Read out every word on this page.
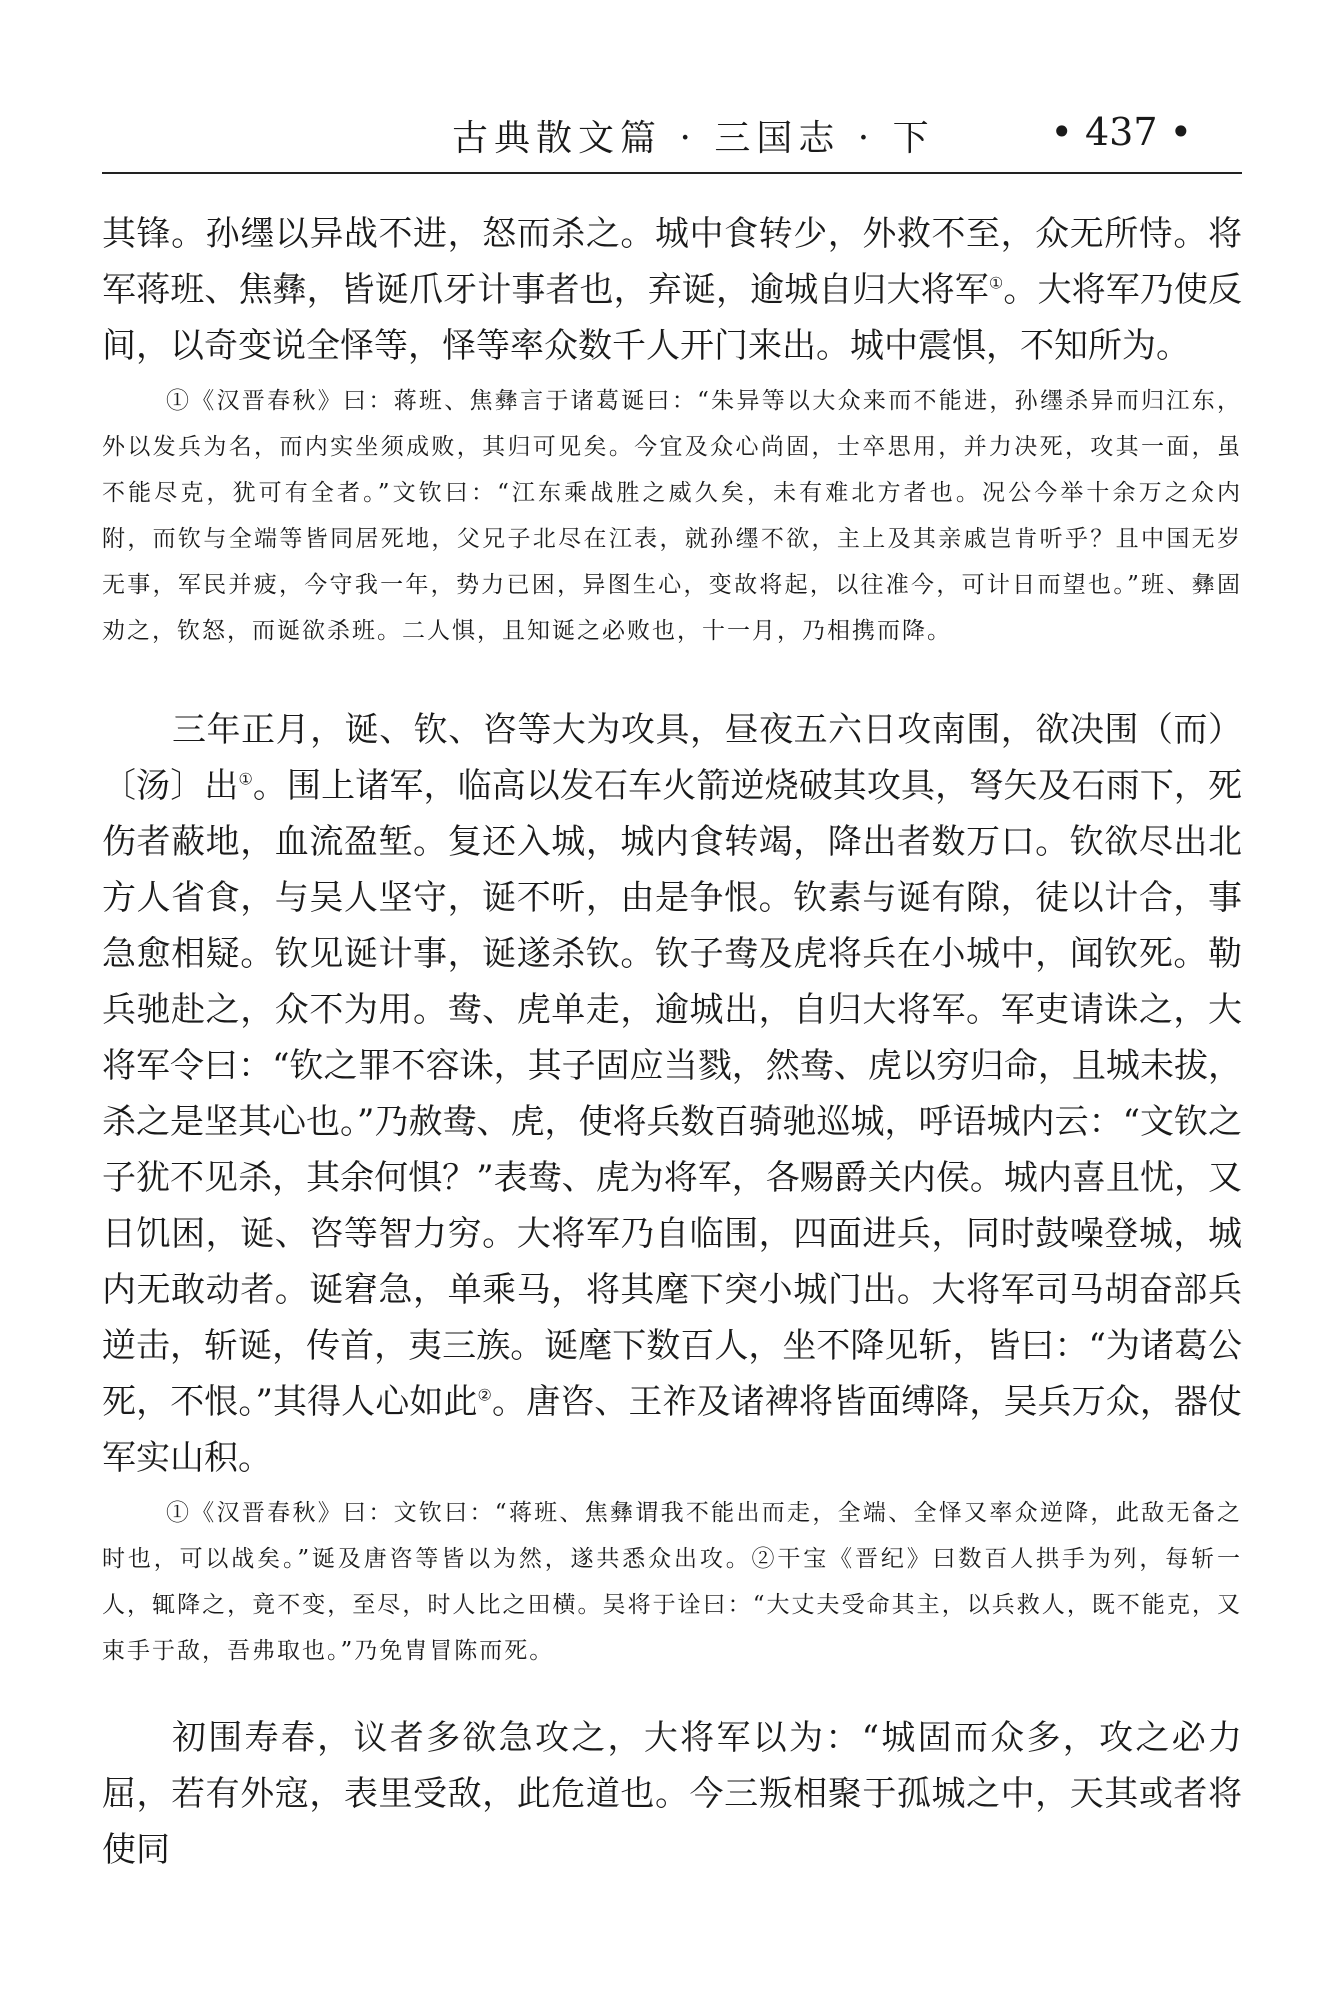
古典散文篇 · 三国志 · 下	• 437 •

其锋。孙𬙊以异战不进，怒而杀之。城中食转少，外救不至，众无所恃。将军蒋班、焦彝，皆诞爪牙计事者也，弃诞，逾城自归大将军①。大将军乃使反间，以奇变说全怿等，怿等率众数千人开门来出。城中震惧，不知所为。

①《汉晋春秋》曰：蒋班、焦彝言于诸葛诞曰：“朱异等以大众来而不能进，孙𬙊杀异而归江东，外以发兵为名，而内实坐须成败，其归可见矣。今宜及众心尚固，士卒思用，并力决死，攻其一面，虽不能尽克，犹可有全者。”文钦曰：“江东乘战胜之威久矣，未有难北方者也。况公今举十余万之众内附，而钦与全端等皆同居死地，父兄子北尽在江表，就孙𬙊不欲，主上及其亲戚岂肯听乎？且中国无岁无事，军民并疲，今守我一年，势力已困，异图生心，变故将起，以往准今，可计日而望也。”班、彝固劝之，钦怒，而诞欲杀班。二人惧，且知诞之必败也，十一月，乃相携而降。

三年正月，诞、钦、咨等大为攻具，昼夜五六日攻南围，欲决围（而）〔汤〕出①。围上诸军，临高以发石车火箭逆烧破其攻具，弩矢及石雨下，死伤者蔽地，血流盈堑。复还入城，城内食转竭，降出者数万口。钦欲尽出北方人省食，与吴人坚守，诞不听，由是争恨。钦素与诞有隙，徒以计合，事急愈相疑。钦见诞计事，诞遂杀钦。钦子鸯及虎将兵在小城中，闻钦死。勒兵驰赴之，众不为用。鸯、虎单走，逾城出，自归大将军。军吏请诛之，大将军令曰：“钦之罪不容诛，其子固应当戮，然鸯、虎以穷归命，且城未拔，杀之是坚其心也。”乃赦鸯、虎，使将兵数百骑驰巡城，呼语城内云：“文钦之子犹不见杀，其余何惧？”表鸯、虎为将军，各赐爵关内侯。城内喜且忧，又日饥困，诞、咨等智力穷。大将军乃自临围，四面进兵，同时鼓噪登城，城内无敢动者。诞窘急，单乘马，将其麾下突小城门出。大将军司马胡奋部兵逆击，斩诞，传首，夷三族。诞麾下数百人，坐不降见斩，皆曰：“为诸葛公死，不恨。”其得人心如此②。唐咨、王祚及诸裨将皆面缚降，吴兵万众，器仗军实山积。

①《汉晋春秋》曰：文钦曰：“蒋班、焦彝谓我不能出而走，全端、全怿又率众逆降，此敌无备之时也，可以战矣。”诞及唐咨等皆以为然，遂共悉众出攻。②干宝《晋纪》曰数百人拱手为列，每斩一人，辄降之，竟不变，至尽，时人比之田横。吴将于诠曰：“大丈夫受命其主，以兵救人，既不能克，又束手于敌，吾弗取也。”乃免胄冒陈而死。

初围寿春，议者多欲急攻之，大将军以为：“城固而众多，攻之必力屈，若有外寇，表里受敌，此危道也。今三叛相聚于孤城之中，天其或者将使同
